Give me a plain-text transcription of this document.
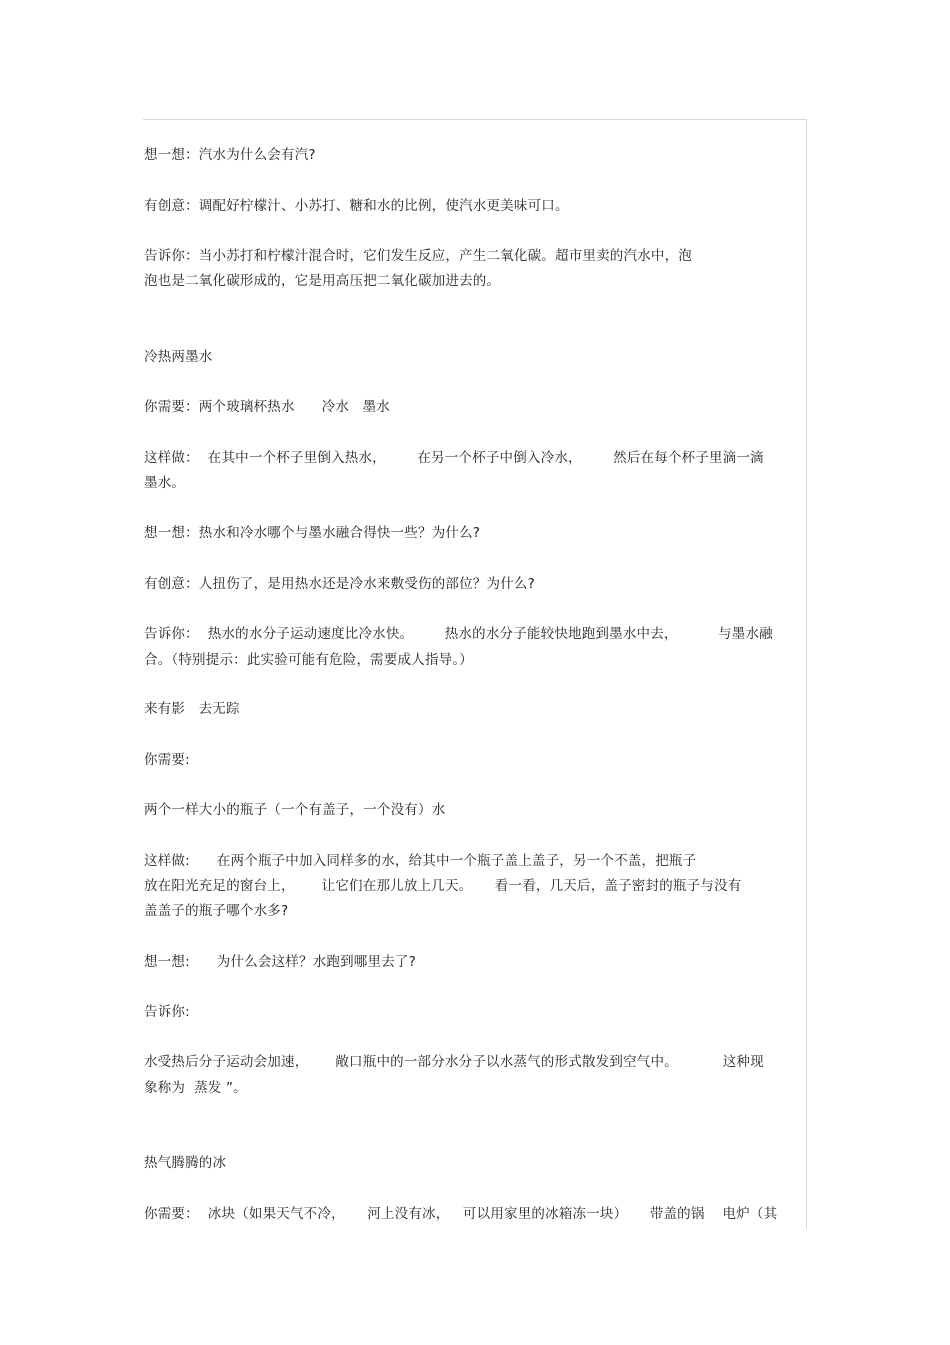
想一想：汽水为什么会有汽?
有创意：调配好柠檬汁、小苏打、糖和水的比例，使汽水更美味可口。
告诉你：当小苏打和柠檬汁混合时，它们发生反应，产生二氧化碳。超市里卖的汽水中，泡
泡也是二氧化碳形成的，它是用高压把二氧化碳加进去的。
冷热两墨水
你需要：两个玻璃杯热水      冷水   墨水
这样做：  在其中一个杯子里倒入热水，       在另一个杯子中倒入冷水，       然后在每个杯子里滴一滴
墨水。
想一想：热水和冷水哪个与墨水融合得快一些？为什么?
有创意：人扭伤了，是用热水还是冷水来敷受伤的部位？为什么?
告诉你：  热水的水分子运动速度比冷水快。       热水的水分子能较快地跑到墨水中去，         与墨水融
合。（特别提示：此实验可能有危险，需要成人指导。）
来有影   去无踪
你需要:
两个一样大小的瓶子（一个有盖子，一个没有）水
这样做:      在两个瓶子中加入同样多的水，给其中一个瓶子盖上盖子，另一个不盖，把瓶子
放在阳光充足的窗台上，      让它们在那儿放上几天。     看一看，几天后，盖子密封的瓶子与没有
盖盖子的瓶子哪个水多?
想一想:      为什么会这样？水跑到哪里去了?
告诉你:
水受热后分子运动会加速，      敞口瓶中的一部分水分子以水蒸气的形式散发到空气中。          这种现
象称为  蒸发 ”。
热气腾腾的冰
你需要：  冰块（如果天气不冷，     河上没有冰，   可以用家里的冰箱冻一块）     带盖的锅    电炉（其
